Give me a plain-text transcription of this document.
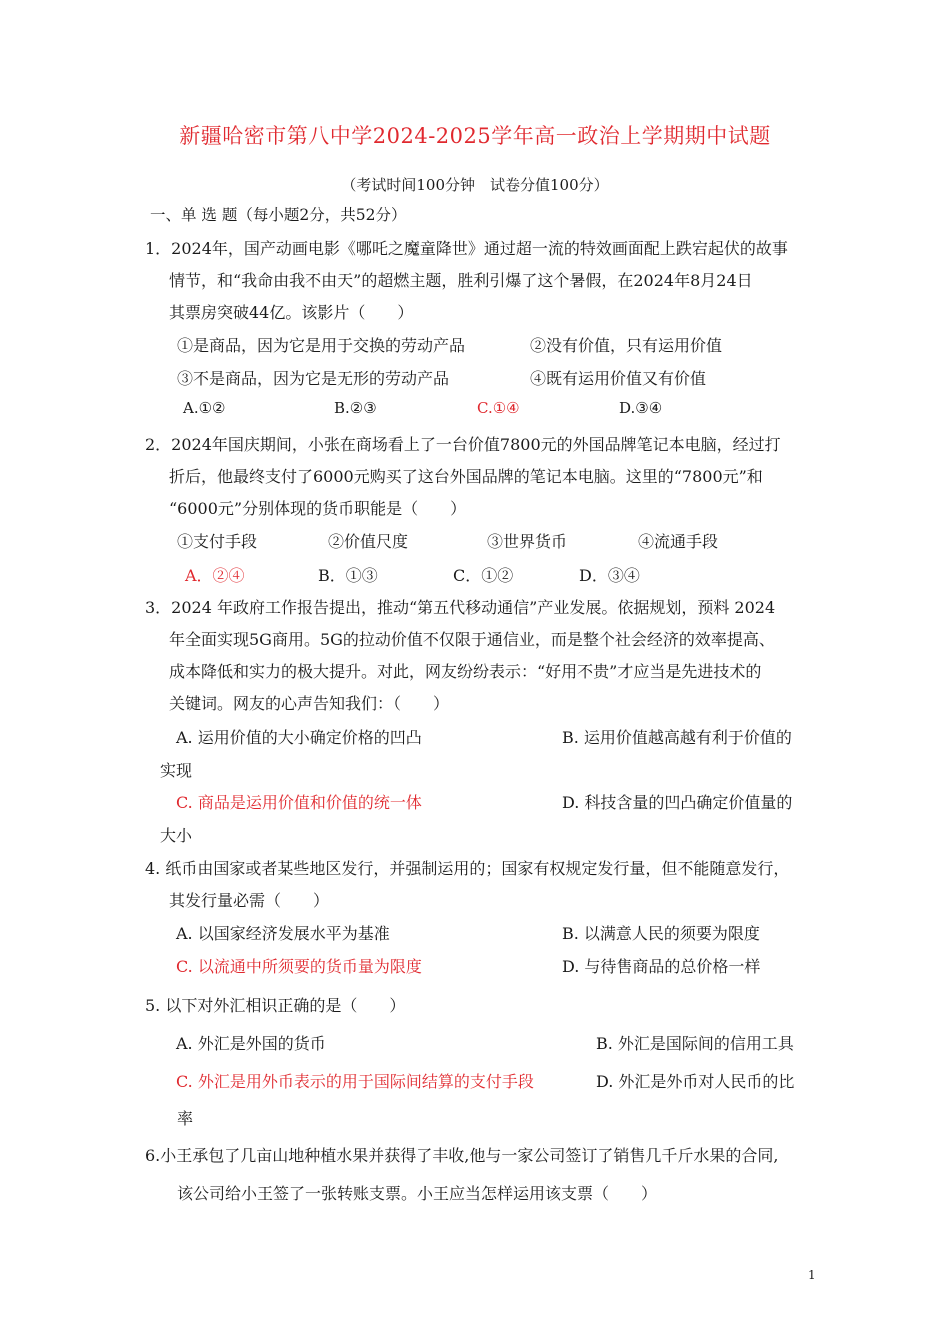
新疆哈密市第八中学2024-2025学年高一政治上学期期中试题
（考试时间100分钟　试卷分值100分）
一、单 选 题（每小题2分，共52分）
1．2024年，国产动画电影《哪吒之魔童降世》通过超一流的特效画面配上跌宕起伏的故事
情节，和“我命由我不由天”的超燃主题，胜利引爆了这个暑假，在2024年8月24日
其票房突破44亿。该影片（　　）
①是商品，因为它是用于交换的劳动产品	②没有价值，只有运用价值
③不是商品，因为它是无形的劳动产品	④既有运用价值又有价值
A.①②	B.②③	C.①④	D.③④
2．2024年国庆期间，小张在商场看上了一台价值7800元的外国品牌笔记本电脑，经过打
折后，他最终支付了6000元购买了这台外国品牌的笔记本电脑。这里的“7800元”和
“6000元”分别体现的货币职能是（　　）
①支付手段	②价值尺度	③世界货币	④流通手段
A．②④	B．①③	C．①②	D．③④
3．2024 年政府工作报告提出，推动“第五代移动通信”产业发展。依据规划，预料 2024
年全面实现5G商用。5G的拉动价值不仅限于通信业，而是整个社会经济的效率提高、
成本降低和实力的极大提升。对此，网友纷纷表示：“好用不贵”才应当是先进技术的
关键词。网友的心声告知我们：（　　）
A. 运用价值的大小确定价格的凹凸	B. 运用价值越高越有利于价值的
实现
C. 商品是运用价值和价值的统一体	D. 科技含量的凹凸确定价值量的
大小
4. 纸币由国家或者某些地区发行，并强制运用的；国家有权规定发行量，但不能随意发行，
其发行量必需（　　）
A. 以国家经济发展水平为基准	B. 以满意人民的须要为限度
C. 以流通中所须要的货币量为限度	D. 与待售商品的总价格一样
5. 以下对外汇相识正确的是（　　）
A. 外汇是外国的货币	B. 外汇是国际间的信用工具
C. 外汇是用外币表示的用于国际间结算的支付手段	D. 外汇是外币对人民币的比
率
6.小王承包了几亩山地种植水果并获得了丰收,他与一家公司签订了销售几千斤水果的合同,
该公司给小王签了一张转账支票。小王应当怎样运用该支票（　　）
1
